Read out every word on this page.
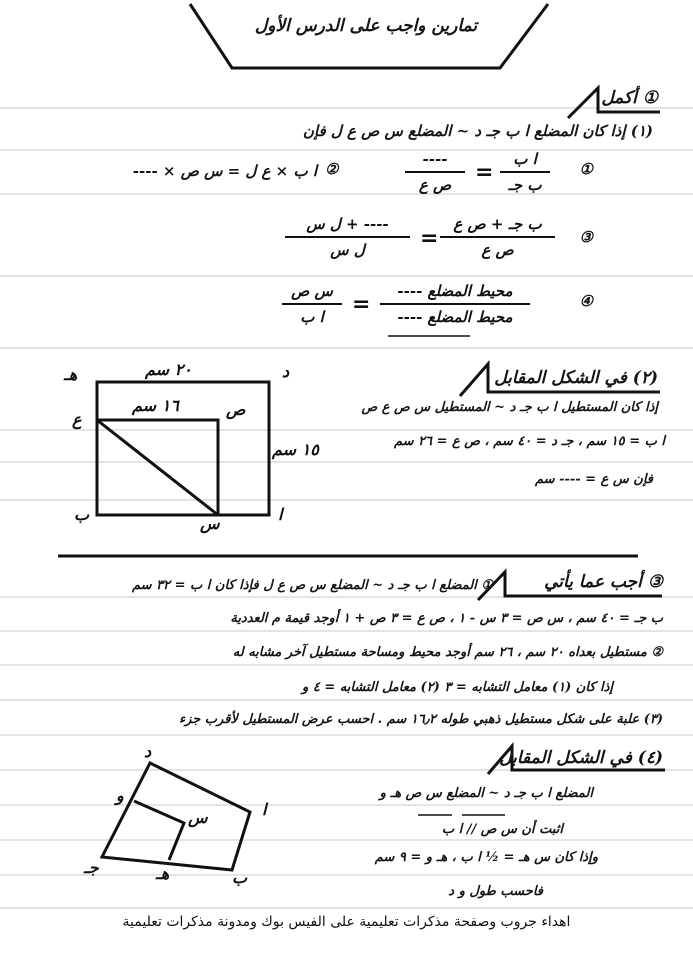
تمارين واجب على الدرس الأول
① أكمل
(١) إذا كان المضلع ا ب جـ د ~ المضلع س ص ع ل فإن
①
ا ب
ب جـ
=
----
ص ع
②
ا ب × ع ل = س ص × ----
③
ب جـ + ص ع
ص ع
=
---- + ل س
ل س
④
محيط المضلع ----
محيط المضلع ----
=
س ص
ا ب
(٢) في الشكل المقابل
إذا كان المستطيل ا ب جـ د ~ المستطيل س ص ع ص
ا ب = ١٥ سم ، جـ د = ٤٠ سم ، ص ع = ٢٦ سم
فإن س ع = ---- سم
٢٠ سم
١٦ سم
١٥ سم
هـ	د
ص
ع
ب	ا
س
③ أجب عما يأتي
① المضلع ا ب جـ د ~ المضلع س ص ع ل فإذا كان ا ب = ٣٢ سم
ب جـ = ٤٠ سم ، س ص = ٣ س - ١ ، ص ع = ٣ ص + ١ أوجد قيمة م العددية
② مستطيل بعداه ٢٠ سم ، ٢٦ سم أوجد محيط ومساحة مستطيل آخر مشابه له
إذا كان (١) معامل التشابه = ٣ (٢) معامل التشابه = ٤ و
(٣) علبة على شكل مستطيل ذهبي طوله ١٦٫٢ سم . احسب عرض المستطيل لأقرب جزء
(٤) في الشكل المقابل
المضلع ا ب جـ د ~ المضلع س ص هـ و
اثبت أن س ص // ا ب
وإذا كان س هـ = ½ ا ب ، هـ و = ٩ سم
فاحسب طول و د
د
ا
و
س
جـ	هـ	ب
اهداء جروب وصفحة مذكرات تعليمية على الفيس بوك ومدونة مذكرات تعليمية
